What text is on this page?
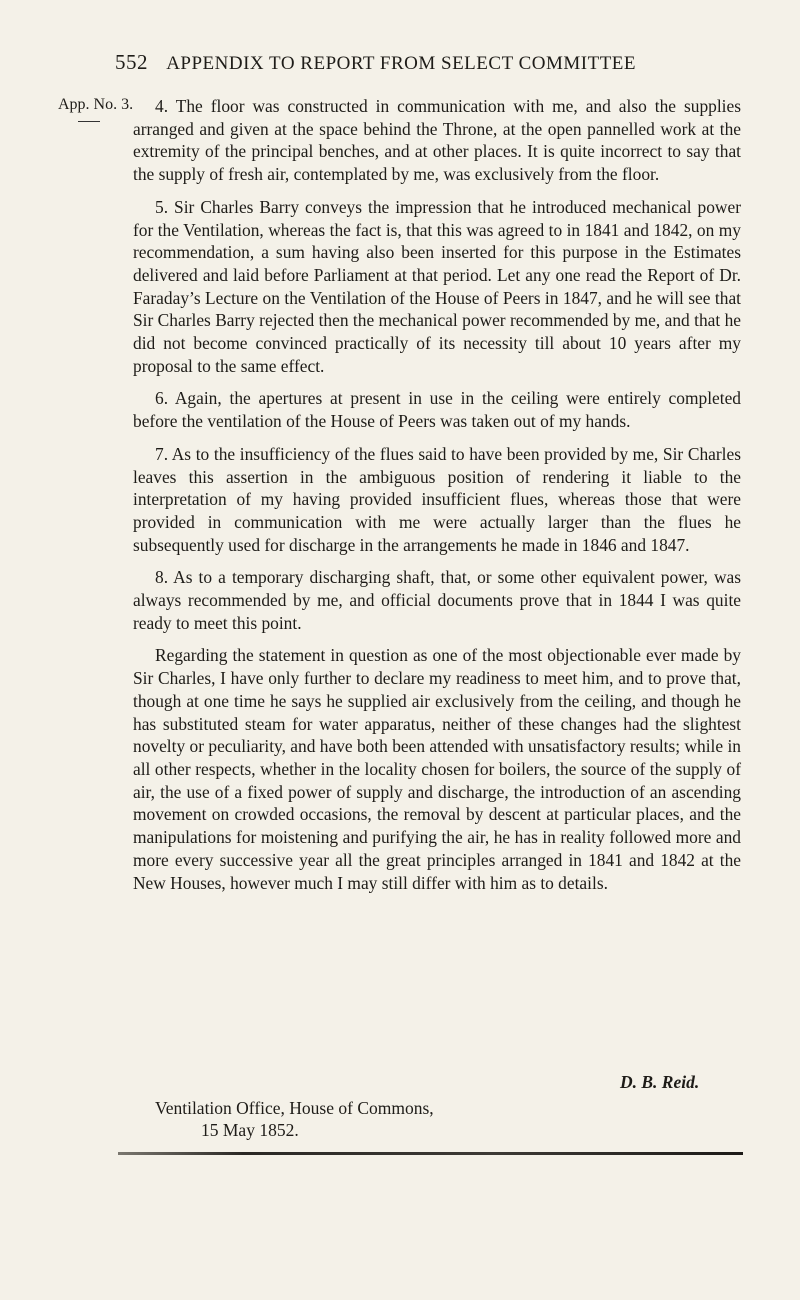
552 APPENDIX TO REPORT FROM SELECT COMMITTEE
App. No. 3.	4. The floor was constructed in communication with me, and also the supplies arranged and given at the space behind the Throne, at the open pannelled work at the extremity of the principal benches, and at other places. It is quite incorrect to say that the supply of fresh air, contemplated by me, was exclusively from the floor.

5. Sir Charles Barry conveys the impression that he introduced mechanical power for the Ventilation, whereas the fact is, that this was agreed to in 1841 and 1842, on my recommendation, a sum having also been inserted for this purpose in the Estimates delivered and laid before Parliament at that period. Let any one read the Report of Dr. Faraday’s Lecture on the Ventilation of the House of Peers in 1847, and he will see that Sir Charles Barry rejected then the mechanical power recommended by me, and that he did not become convinced practically of its necessity till about 10 years after my proposal to the same effect.

6. Again, the apertures at present in use in the ceiling were entirely completed before the ventilation of the House of Peers was taken out of my hands.

7. As to the insufficiency of the flues said to have been provided by me, Sir Charles leaves this assertion in the ambiguous position of rendering it liable to the interpretation of my having provided insufficient flues, whereas those that were provided in communication with me were actually larger than the flues he subsequently used for discharge in the arrangements he made in 1846 and 1847.

8. As to a temporary discharging shaft, that, or some other equivalent power, was always recommended by me, and official documents prove that in 1844 I was quite ready to meet this point.

Regarding the statement in question as one of the most objectionable ever made by Sir Charles, I have only further to declare my readiness to meet him, and to prove that, though at one time he says he supplied air exclusively from the ceiling, and though he has substituted steam for water apparatus, neither of these changes had the slightest novelty or peculiarity, and have both been attended with unsatisfactory results; while in all other respects, whether in the locality chosen for boilers, the source of the supply of air, the use of a fixed power of supply and discharge, the introduction of an ascending movement on crowded occasions, the removal by descent at particular places, and the manipulations for moistening and purifying the air, he has in reality followed more and more every successive year all the great principles arranged in 1841 and 1842 at the New Houses, however much I may still differ with him as to details.

D. B. Reid.
Ventilation Office, House of Commons,
15 May 1852.
